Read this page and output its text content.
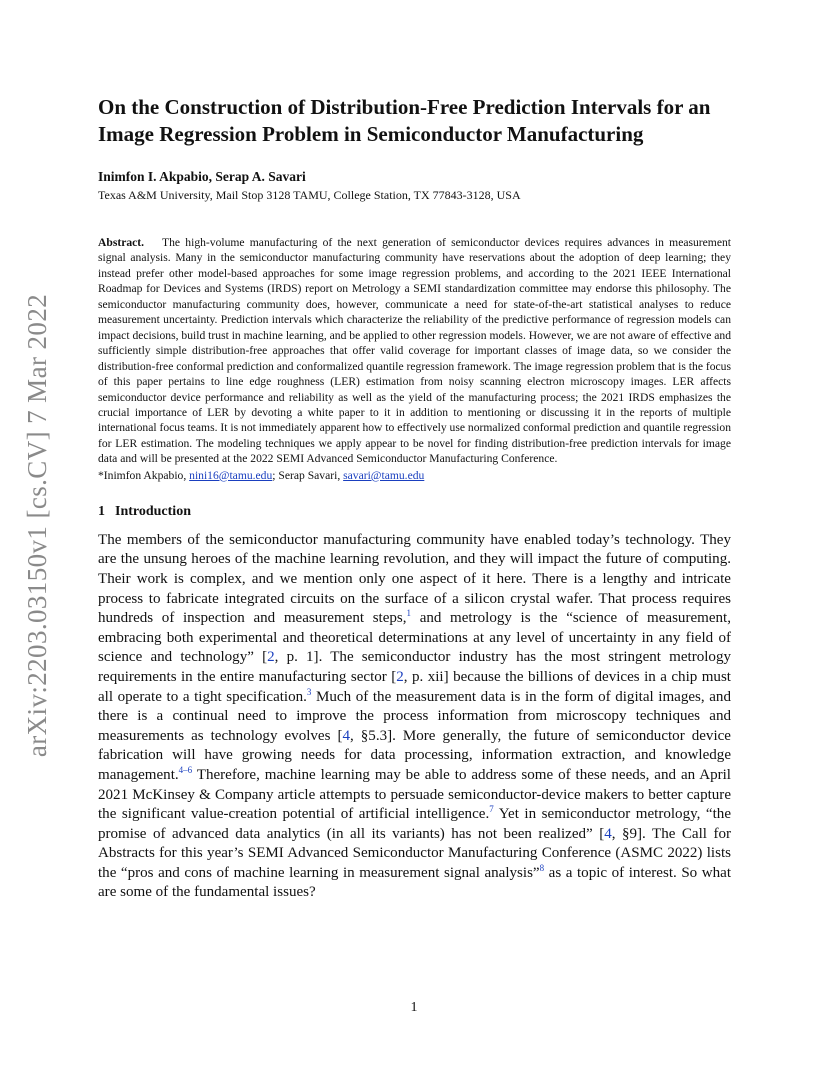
arXiv:2203.03150v1 [cs.CV] 7 Mar 2022
On the Construction of Distribution-Free Prediction Intervals for an
Image Regression Problem in Semiconductor Manufacturing
Inimfon I. Akpabio, Serap A. Savari
Texas A&M University, Mail Stop 3128 TAMU, College Station, TX 77843-3128, USA
Abstract. The high-volume manufacturing of the next generation of semiconductor devices requires advances in measurement signal analysis. Many in the semiconductor manufacturing community have reservations about the adoption of deep learning; they instead prefer other model-based approaches for some image regression problems, and according to the 2021 IEEE International Roadmap for Devices and Systems (IRDS) report on Metrology a SEMI standardization committee may endorse this philosophy. The semiconductor manufacturing community does, however, communicate a need for state-of-the-art statistical analyses to reduce measurement uncertainty. Prediction intervals which characterize the reliability of the predictive performance of regression models can impact decisions, build trust in machine learning, and be applied to other regression models. However, we are not aware of effective and sufficiently simple distribution-free approaches that offer valid coverage for important classes of image data, so we consider the distribution-free conformal prediction and conformalized quantile regression framework. The image regression problem that is the focus of this paper pertains to line edge roughness (LER) estimation from noisy scanning electron microscopy images. LER affects semiconductor device performance and reliability as well as the yield of the manufacturing process; the 2021 IRDS emphasizes the crucial importance of LER by devoting a white paper to it in addition to mentioning or discussing it in the reports of multiple international focus teams. It is not immediately apparent how to effectively use normalized conformal prediction and quantile regression for LER estimation. The modeling techniques we apply appear to be novel for finding distribution-free prediction intervals for image data and will be presented at the 2022 SEMI Advanced Semiconductor Manufacturing Conference.
*Inimfon Akpabio, nini16@tamu.edu; Serap Savari, savari@tamu.edu
1 Introduction
The members of the semiconductor manufacturing community have enabled today’s technology. They are the unsung heroes of the machine learning revolution, and they will impact the future of computing. Their work is complex, and we mention only one aspect of it here. There is a lengthy and intricate process to fabricate integrated circuits on the surface of a silicon crystal wafer. That process requires hundreds of inspection and measurement steps,$^1$ and metrology is the “science of measurement, embracing both experimental and theoretical determinations at any level of uncertainty in any field of science and technology” [2, p. 1]. The semiconductor industry has the most stringent metrology requirements in the entire manufacturing sector [2, p. xii] because the billions of devices in a chip must all operate to a tight specification.$^3$ Much of the measurement data is in the form of digital images, and there is a continual need to improve the process information from microscopy techniques and measurements as technology evolves [4, §5.3]. More generally, the future of semiconductor device fabrication will have growing needs for data processing, information extraction, and knowledge management.$^{4-6}$ Therefore, machine learning may be able to address some of these needs, and an April 2021 McKinsey & Company article attempts to persuade semiconductor-device makers to better capture the significant value-creation potential of artificial intelligence.$^7$ Yet in semiconductor metrology, “the promise of advanced data analytics (in all its variants) has not been realized” [4, §9]. The Call for Abstracts for this year’s SEMI Advanced Semiconductor Manufacturing Conference (ASMC 2022) lists the “pros and cons of machine learning in measurement signal analysis”$^8$ as a topic of interest. So what are some of the fundamental issues?
1
